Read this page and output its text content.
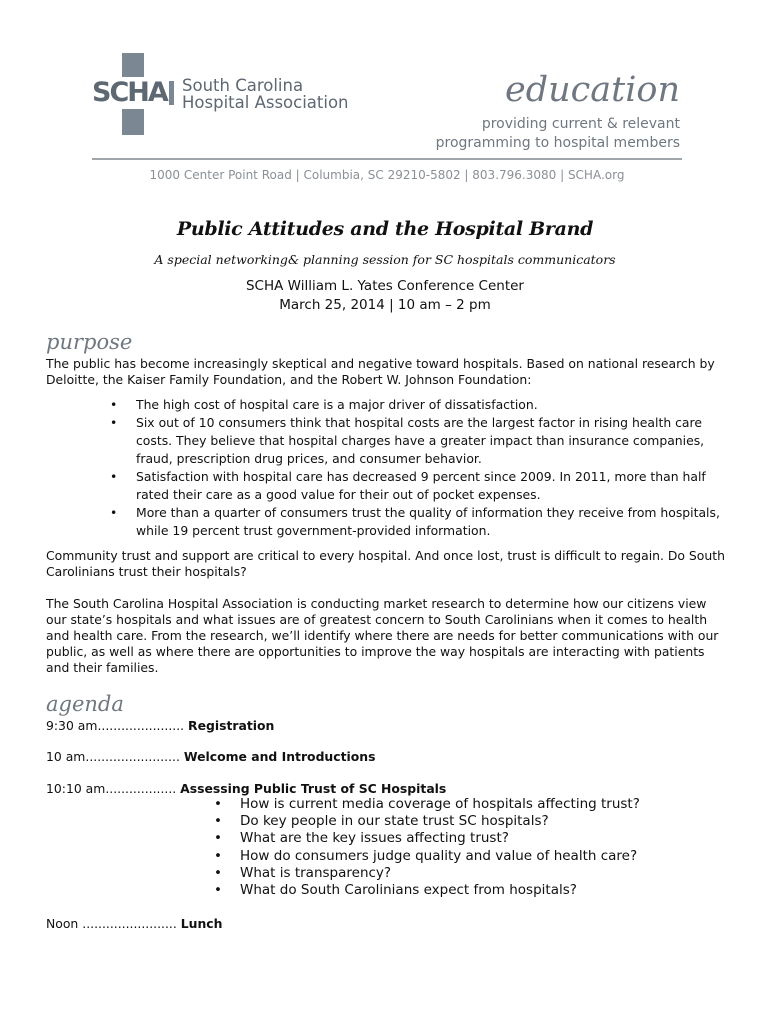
SCHA South Carolina
Hospital Association	education
providing current & relevant
programming to hospital members
1000 Center Point Road | Columbia, SC 29210-5802 | 803.796.3080 | SCHA.org
Public Attitudes and the Hospital Brand
A special networking& planning session for SC hospitals communicators
SCHA William L. Yates Conference Center
March 25, 2014 | 10 am – 2 pm
purpose
The public has become increasingly skeptical and negative toward hospitals. Based on national research by Deloitte, the Kaiser Family Foundation, and the Robert W. Johnson Foundation:
• The high cost of hospital care is a major driver of dissatisfaction.
• Six out of 10 consumers think that hospital costs are the largest factor in rising health care costs. They believe that hospital charges have a greater impact than insurance companies, fraud, prescription drug prices, and consumer behavior.
• Satisfaction with hospital care has decreased 9 percent since 2009. In 2011, more than half rated their care as a good value for their out of pocket expenses.
• More than a quarter of consumers trust the quality of information they receive from hospitals, while 19 percent trust government-provided information.
Community trust and support are critical to every hospital. And once lost, trust is difficult to regain. Do South Carolinians trust their hospitals?
The South Carolina Hospital Association is conducting market research to determine how our citizens view our state’s hospitals and what issues are of greatest concern to South Carolinians when it comes to health and health care. From the research, we’ll identify where there are needs for better communications with our public, as well as where there are opportunities to improve the way hospitals are interacting with patients and their families.
agenda
9:30 am...................... Registration
10 am........................ Welcome and Introductions
10:10 am.................. Assessing Public Trust of SC Hospitals
• How is current media coverage of hospitals affecting trust?
• Do key people in our state trust SC hospitals?
• What are the key issues affecting trust?
• How do consumers judge quality and value of health care?
• What is transparency?
• What do South Carolinians expect from hospitals?
Noon ........................ Lunch
